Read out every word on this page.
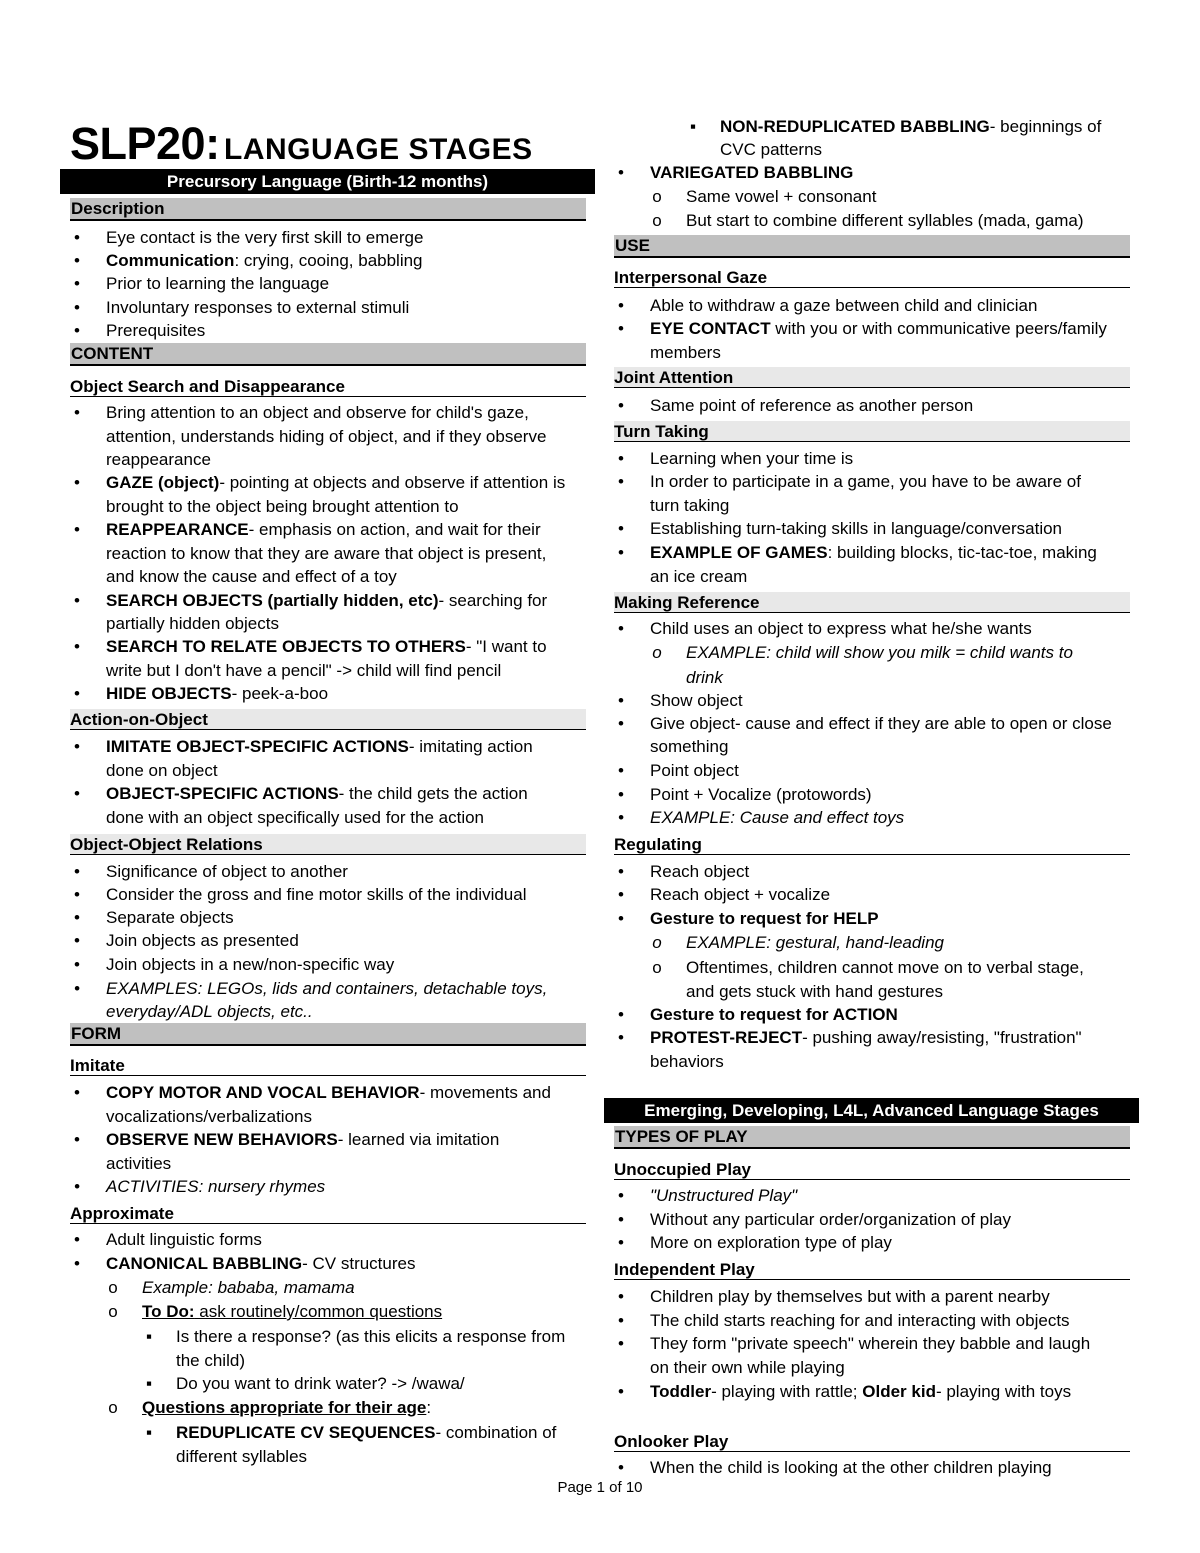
SLP20: LANGUAGE STAGES
Precursory Language (Birth-12 months)
Description
• Eye contact is the very first skill to emerge
• Communication: crying, cooing, babbling
• Prior to learning the language
• Involuntary responses to external stimuli
• Prerequisites
CONTENT
Object Search and Disappearance
• Bring attention to an object and observe for child's gaze,
attention, understands hiding of object, and if they observe
reappearance
• GAZE (object)- pointing at objects and observe if attention is
brought to the object being brought attention to
• REAPPEARANCE- emphasis on action, and wait for their
reaction to know that they are aware that object is present,
and know the cause and effect of a toy
• SEARCH OBJECTS (partially hidden, etc)- searching for
partially hidden objects
• SEARCH TO RELATE OBJECTS TO OTHERS- "I want to
write but I don't have a pencil" -> child will find pencil
• HIDE OBJECTS- peek-a-boo
Action-on-Object
• IMITATE OBJECT-SPECIFIC ACTIONS- imitating action
done on object
• OBJECT-SPECIFIC ACTIONS- the child gets the action
done with an object specifically used for the action
Object-Object Relations
• Significance of object to another
• Consider the gross and fine motor skills of the individual
• Separate objects
• Join objects as presented
• Join objects in a new/non-specific way
• EXAMPLES: LEGOs, lids and containers, detachable toys,
everyday/ADL objects, etc..
FORM
Imitate
• COPY MOTOR AND VOCAL BEHAVIOR- movements and
vocalizations/verbalizations
• OBSERVE NEW BEHAVIORS- learned via imitation
activities
• ACTIVITIES: nursery rhymes
Approximate
• Adult linguistic forms
• CANONICAL BABBLING- CV structures
o Example: bababa, mamama
o To Do: ask routinely/common questions
▪ Is there a response? (as this elicits a response from
the child)
▪ Do you want to drink water? -> /wawa/
o Questions appropriate for their age:
▪ REDUPLICATE CV SEQUENCES- combination of
different syllables
▪ NON-REDUPLICATED BABBLING- beginnings of
CVC patterns
• VARIEGATED BABBLING
o Same vowel + consonant
o But start to combine different syllables (mada, gama)
USE
Interpersonal Gaze
• Able to withdraw a gaze between child and clinician
• EYE CONTACT with you or with communicative peers/family
members
Joint Attention
• Same point of reference as another person
Turn Taking
• Learning when your time is
• In order to participate in a game, you have to be aware of
turn taking
• Establishing turn-taking skills in language/conversation
• EXAMPLE OF GAMES: building blocks, tic-tac-toe, making
an ice cream
Making Reference
• Child uses an object to express what he/she wants
o EXAMPLE: child will show you milk = child wants to
drink
• Show object
• Give object- cause and effect if they are able to open or close
something
• Point object
• Point + Vocalize (protowords)
• EXAMPLE: Cause and effect toys
Regulating
• Reach object
• Reach object + vocalize
• Gesture to request for HELP
o EXAMPLE: gestural, hand-leading
o Oftentimes, children cannot move on to verbal stage,
and gets stuck with hand gestures
• Gesture to request for ACTION
• PROTEST-REJECT- pushing away/resisting, "frustration"
behaviors
Emerging, Developing, L4L, Advanced Language Stages
TYPES OF PLAY
Unoccupied Play
• "Unstructured Play"
• Without any particular order/organization of play
• More on exploration type of play
Independent Play
• Children play by themselves but with a parent nearby
• The child starts reaching for and interacting with objects
• They form "private speech" wherein they babble and laugh
on their own while playing
• Toddler- playing with rattle; Older kid- playing with toys
Onlooker Play
• When the child is looking at the other children playing
Page 1 of 10
